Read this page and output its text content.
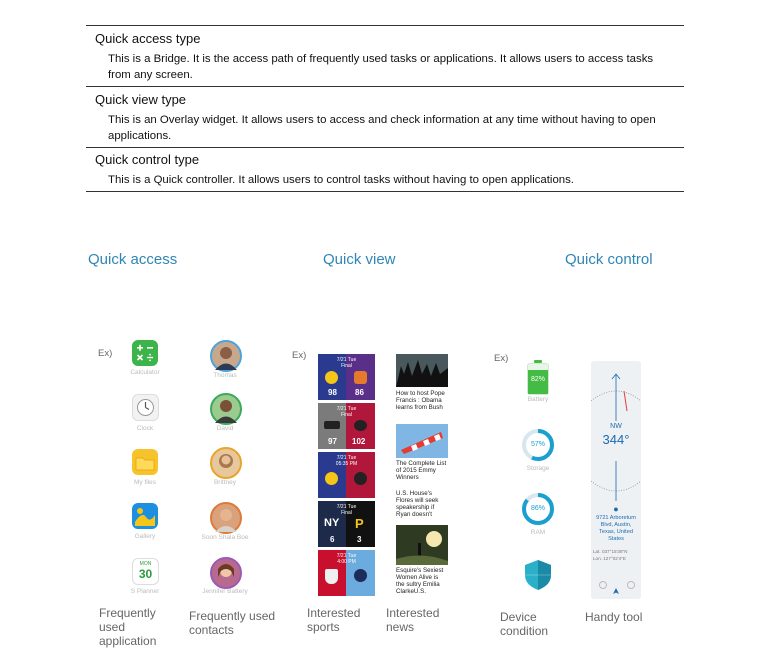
Quick access type
This is a Bridge. It is the access path of frequently used tasks or applications. It allows users to access tasks from any screen.
Quick view type
This is an Overlay widget. It allows users to access and check information at any time without having to open applications.
Quick control type
This is a Quick controller. It allows users to control tasks without having to open applications.
Quick access	Quick view	Quick control
Ex)	Ex)	Ex)
Calculator
Clock
My files
Gallery
MON
30
S Planner
Thomas
David
Brittney
Soon Shala Boe
Jennifer Battery
7/21 Tue
Final
98 86
7/21 Tue
Final
97 102
7/21 Tue
05:35 PM
7/21 Tue
Final
NY P
6	3
7/21 Tue
4:00 PM
How to host Pope Francis : Obama learns from Bush
The Complete List of 2015 Emmy Winners
U.S. House's Flores will seek speakership if Ryan doesn't
Esquire's Sexiest Women Alive is the sultry Emilia ClarkeU.S.
82%
Battery
57%
Storage
86%
RAM
NW
344°
●
9721 Arboretum Blvd, Austin, Texas, United States
Lat. 037°15'38"N
Lon. 127°02'4"E
Frequently used application
Frequently used contacts
Interested sports
Interested news
Device condition
Handy tool
